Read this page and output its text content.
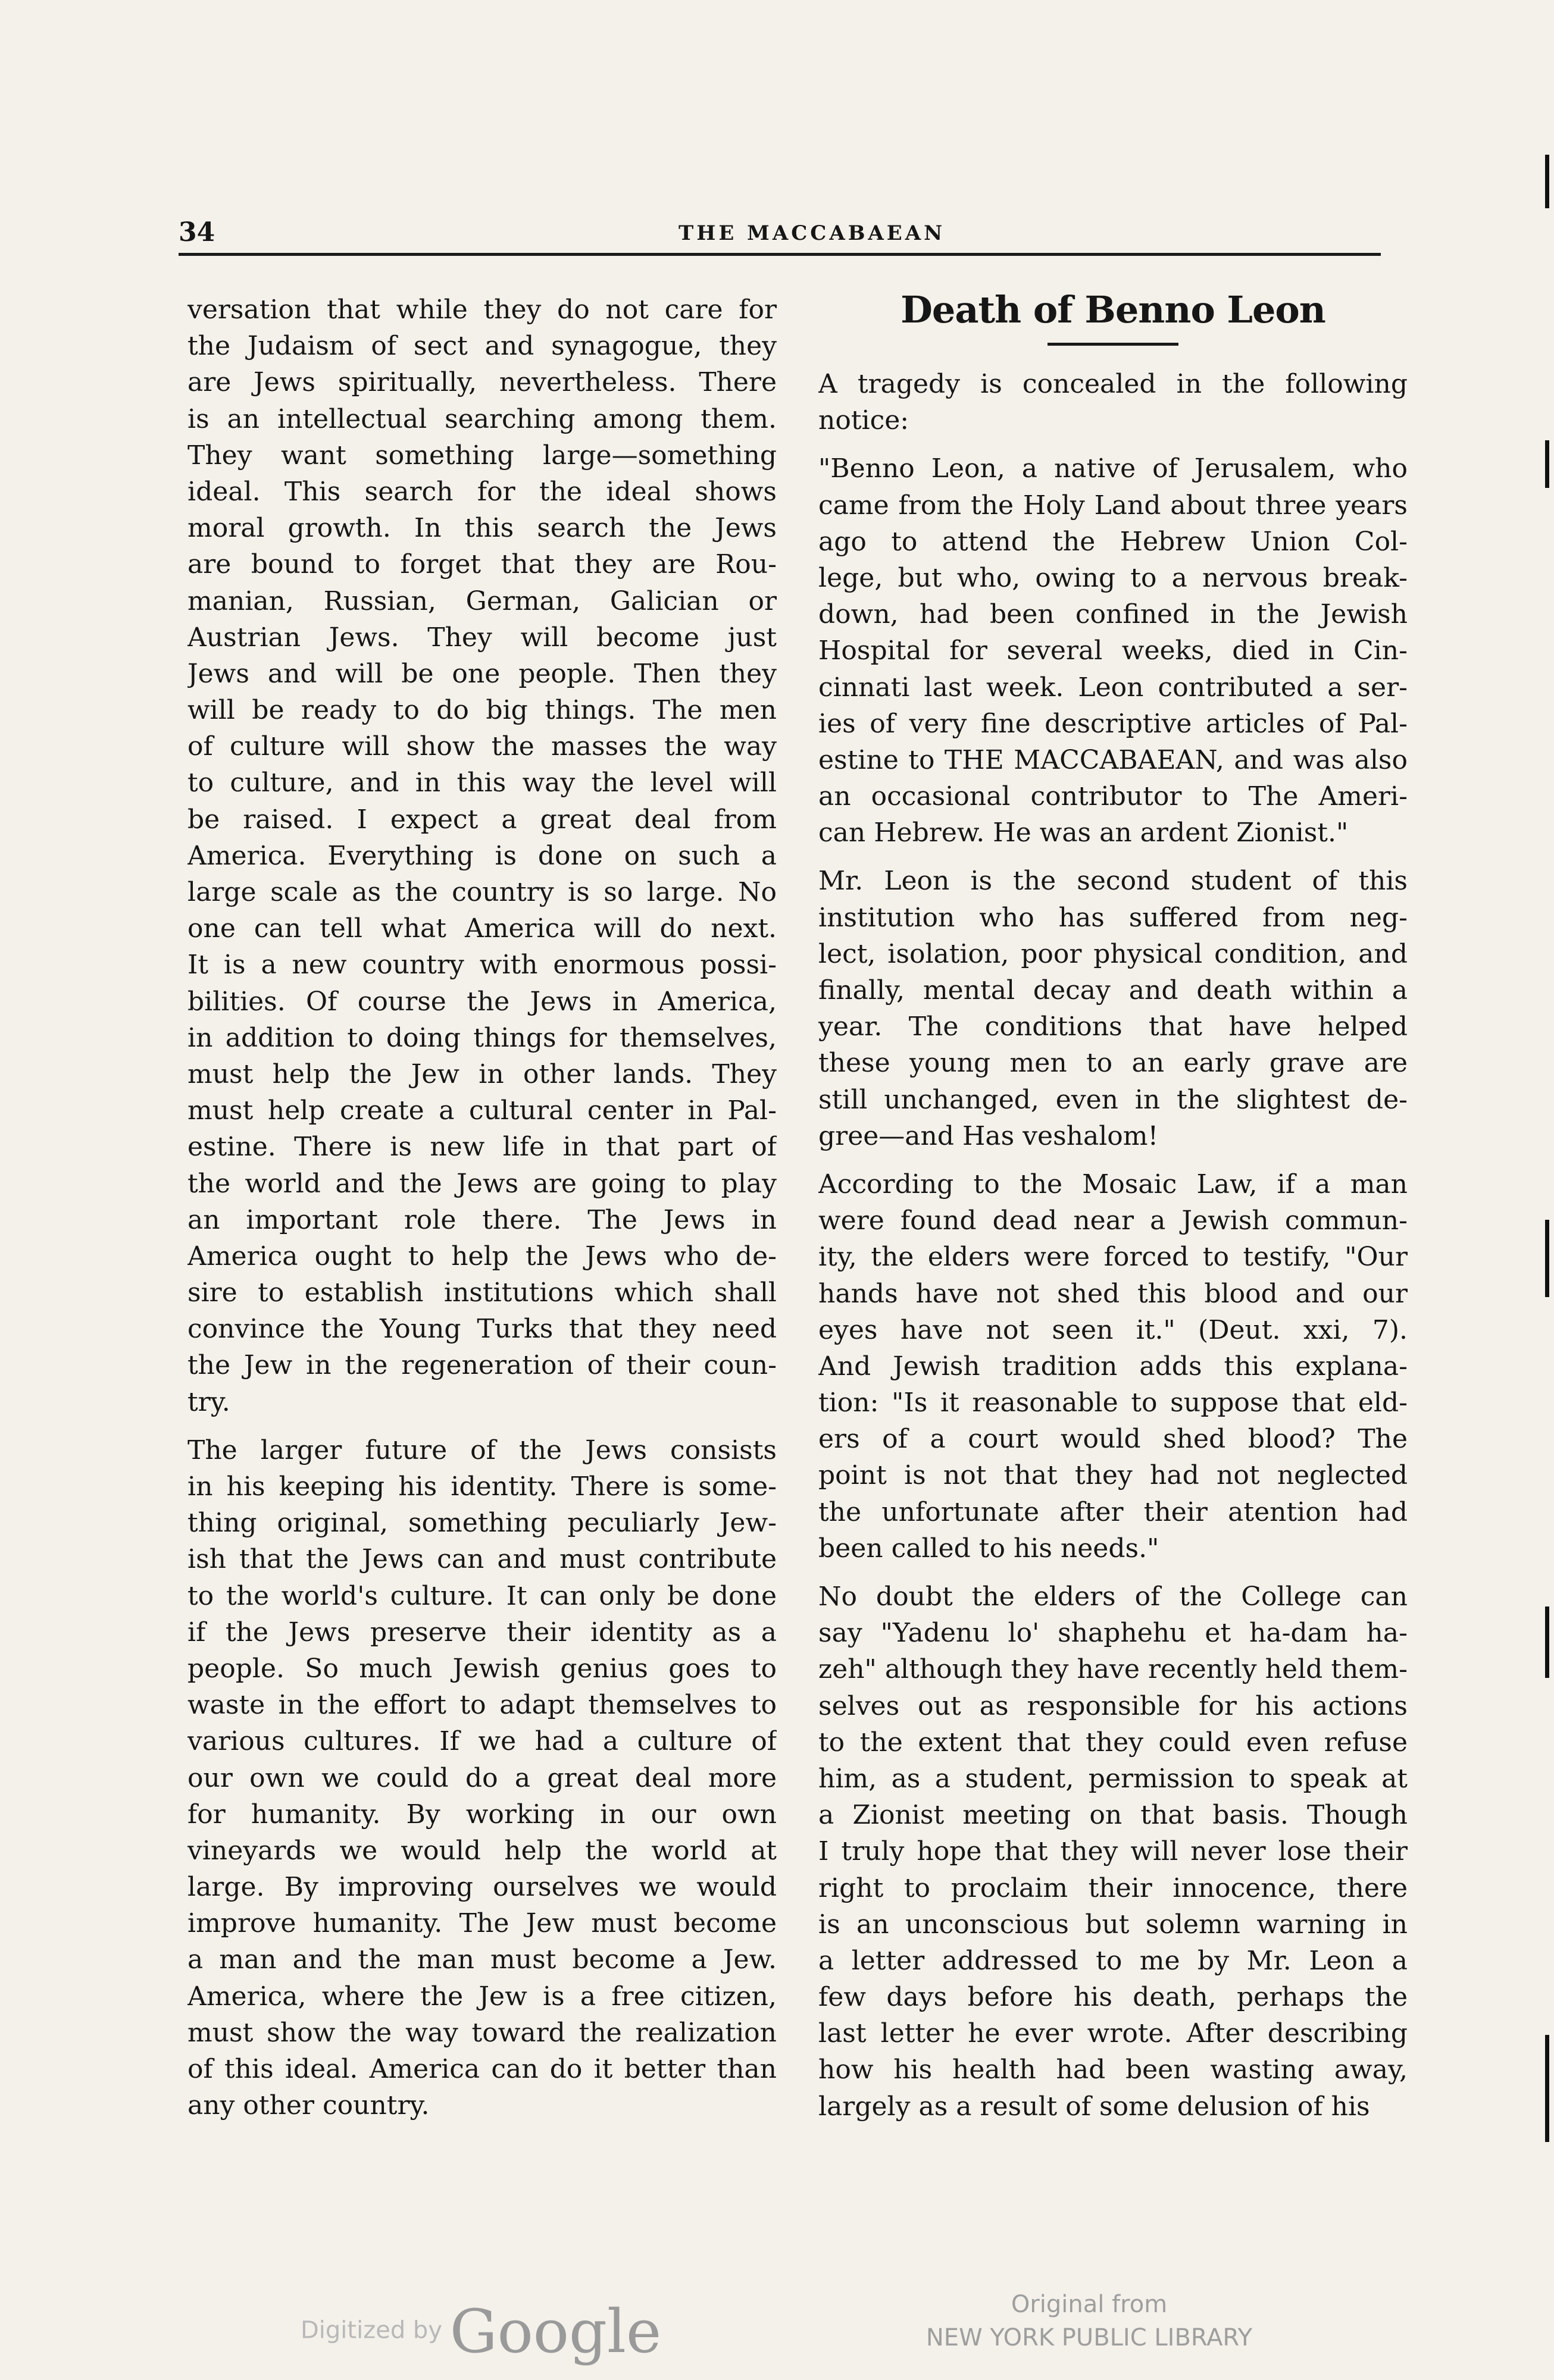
34	THE MACCABAEAN
versation that while they do not care for
the Judaism of sect and synagogue, they
are Jews spiritually, nevertheless. There
is an intellectual searching among them.
They want something large—something
ideal. This search for the ideal shows
moral growth. In this search the Jews
are bound to forget that they are Rou-
manian, Russian, German, Galician or
Austrian Jews. They will become just
Jews and will be one people. Then they
will be ready to do big things. The men
of culture will show the masses the way
to culture, and in this way the level will
be raised. I expect a great deal from
America. Everything is done on such a
large scale as the country is so large. No
one can tell what America will do next.
It is a new country with enormous possi-
bilities. Of course the Jews in America,
in addition to doing things for themselves,
must help the Jew in other lands. They
must help create a cultural center in Pal-
estine. There is new life in that part of
the world and the Jews are going to play
an important role there. The Jews in
America ought to help the Jews who de-
sire to establish institutions which shall
convince the Young Turks that they need
the Jew in the regeneration of their coun-
try.
The larger future of the Jews consists
in his keeping his identity. There is some-
thing original, something peculiarly Jew-
ish that the Jews can and must contribute
to the world's culture. It can only be done
if the Jews preserve their identity as a
people. So much Jewish genius goes to
waste in the effort to adapt themselves to
various cultures. If we had a culture of
our own we could do a great deal more
for humanity. By working in our own
vineyards we would help the world at
large. By improving ourselves we would
improve humanity. The Jew must become
a man and the man must become a Jew.
America, where the Jew is a free citizen,
must show the way toward the realization
of this ideal. America can do it better than
any other country.
Death of Benno Leon
A tragedy is concealed in the following
notice:
"Benno Leon, a native of Jerusalem, who
came from the Holy Land about three years
ago to attend the Hebrew Union Col-
lege, but who, owing to a nervous break-
down, had been confined in the Jewish
Hospital for several weeks, died in Cin-
cinnati last week. Leon contributed a ser-
ies of very fine descriptive articles of Pal-
estine to THE MACCABAEAN, and was also
an occasional contributor to The Ameri-
can Hebrew. He was an ardent Zionist."
Mr. Leon is the second student of this
institution who has suffered from neg-
lect, isolation, poor physical condition, and
finally, mental decay and death within a
year. The conditions that have helped
these young men to an early grave are
still unchanged, even in the slightest de-
gree—and Has veshalom!
According to the Mosaic Law, if a man
were found dead near a Jewish commun-
ity, the elders were forced to testify, "Our
hands have not shed this blood and our
eyes have not seen it." (Deut. xxi, 7).
And Jewish tradition adds this explana-
tion: "Is it reasonable to suppose that eld-
ers of a court would shed blood? The
point is not that they had not neglected
the unfortunate after their atention had
been called to his needs."
No doubt the elders of the College can
say "Yadenu lo' shaphehu et ha-dam ha-
zeh" although they have recently held them-
selves out as responsible for his actions
to the extent that they could even refuse
him, as a student, permission to speak at
a Zionist meeting on that basis. Though
I truly hope that they will never lose their
right to proclaim their innocence, there
is an unconscious but solemn warning in
a letter addressed to me by Mr. Leon a
few days before his death, perhaps the
last letter he ever wrote. After describing
how his health had been wasting away,
largely as a result of some delusion of his
Digitized by Google	Original from
NEW YORK PUBLIC LIBRARY
